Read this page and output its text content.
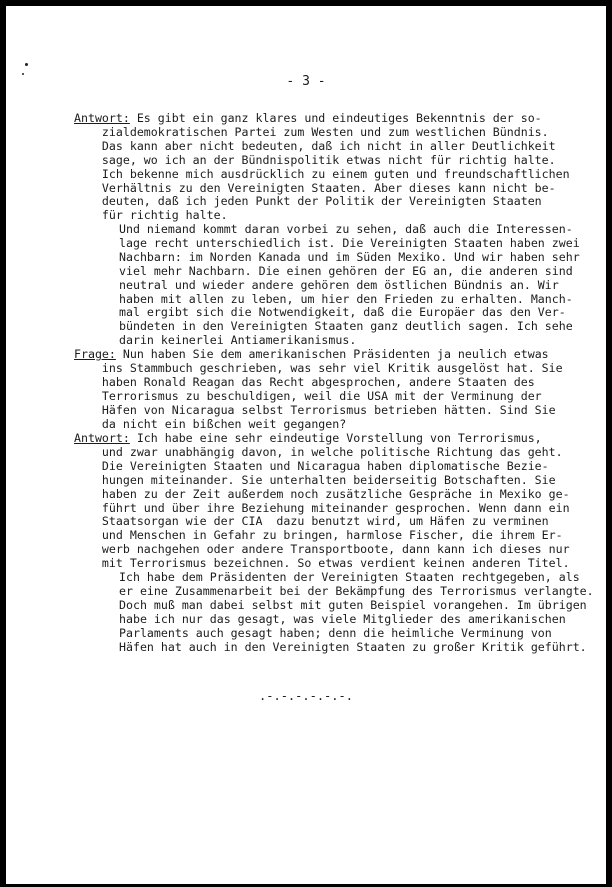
- 3 -
Antwort: Es gibt ein ganz klares und eindeutiges Bekenntnis der so-
zialdemokratischen Partei zum Westen und zum westlichen Bündnis.
Das kann aber nicht bedeuten, daß ich nicht in aller Deutlichkeit
sage, wo ich an der Bündnispolitik etwas nicht für richtig halte.
Ich bekenne mich ausdrücklich zu einem guten und freundschaftlichen
Verhältnis zu den Vereinigten Staaten. Aber dieses kann nicht be-
deuten, daß ich jeden Punkt der Politik der Vereinigten Staaten
für richtig halte.
Und niemand kommt daran vorbei zu sehen, daß auch die Interessen-
lage recht unterschiedlich ist. Die Vereinigten Staaten haben zwei
Nachbarn: im Norden Kanada und im Süden Mexiko. Und wir haben sehr
viel mehr Nachbarn. Die einen gehören der EG an, die anderen sind
neutral und wieder andere gehören dem östlichen Bündnis an. Wir
haben mit allen zu leben, um hier den Frieden zu erhalten. Manch-
mal ergibt sich die Notwendigkeit, daß die Europäer das den Ver-
bündeten in den Vereinigten Staaten ganz deutlich sagen. Ich sehe
darin keinerlei Antiamerikanismus.
Frage: Nun haben Sie dem amerikanischen Präsidenten ja neulich etwas
ins Stammbuch geschrieben, was sehr viel Kritik ausgelöst hat. Sie
haben Ronald Reagan das Recht abgesprochen, andere Staaten des
Terrorismus zu beschuldigen, weil die USA mit der Verminung der
Häfen von Nicaragua selbst Terrorismus betrieben hätten. Sind Sie
da nicht ein bißchen weit gegangen?
Antwort: Ich habe eine sehr eindeutige Vorstellung von Terrorismus,
und zwar unabhängig davon, in welche politische Richtung das geht.
Die Vereinigten Staaten und Nicaragua haben diplomatische Bezie-
hungen miteinander. Sie unterhalten beiderseitig Botschaften. Sie
haben zu der Zeit außerdem noch zusätzliche Gespräche in Mexiko ge-
führt und über ihre Beziehung miteinander gesprochen. Wenn dann ein
Staatsorgan wie der CIA  dazu benutzt wird, um Häfen zu verminen
und Menschen in Gefahr zu bringen, harmlose Fischer, die ihrem Er-
werb nachgehen oder andere Transportboote, dann kann ich dieses nur
mit Terrorismus bezeichnen. So etwas verdient keinen anderen Titel.
Ich habe dem Präsidenten der Vereinigten Staaten rechtgegeben, als
er eine Zusammenarbeit bei der Bekämpfung des Terrorismus verlangte.
Doch muß man dabei selbst mit guten Beispiel vorangehen. Im übrigen
habe ich nur das gesagt, was viele Mitglieder des amerikanischen
Parlaments auch gesagt haben; denn die heimliche Verminung von
Häfen hat auch in den Vereinigten Staaten zu großer Kritik geführt.
.-.-.-.-.-.-.
